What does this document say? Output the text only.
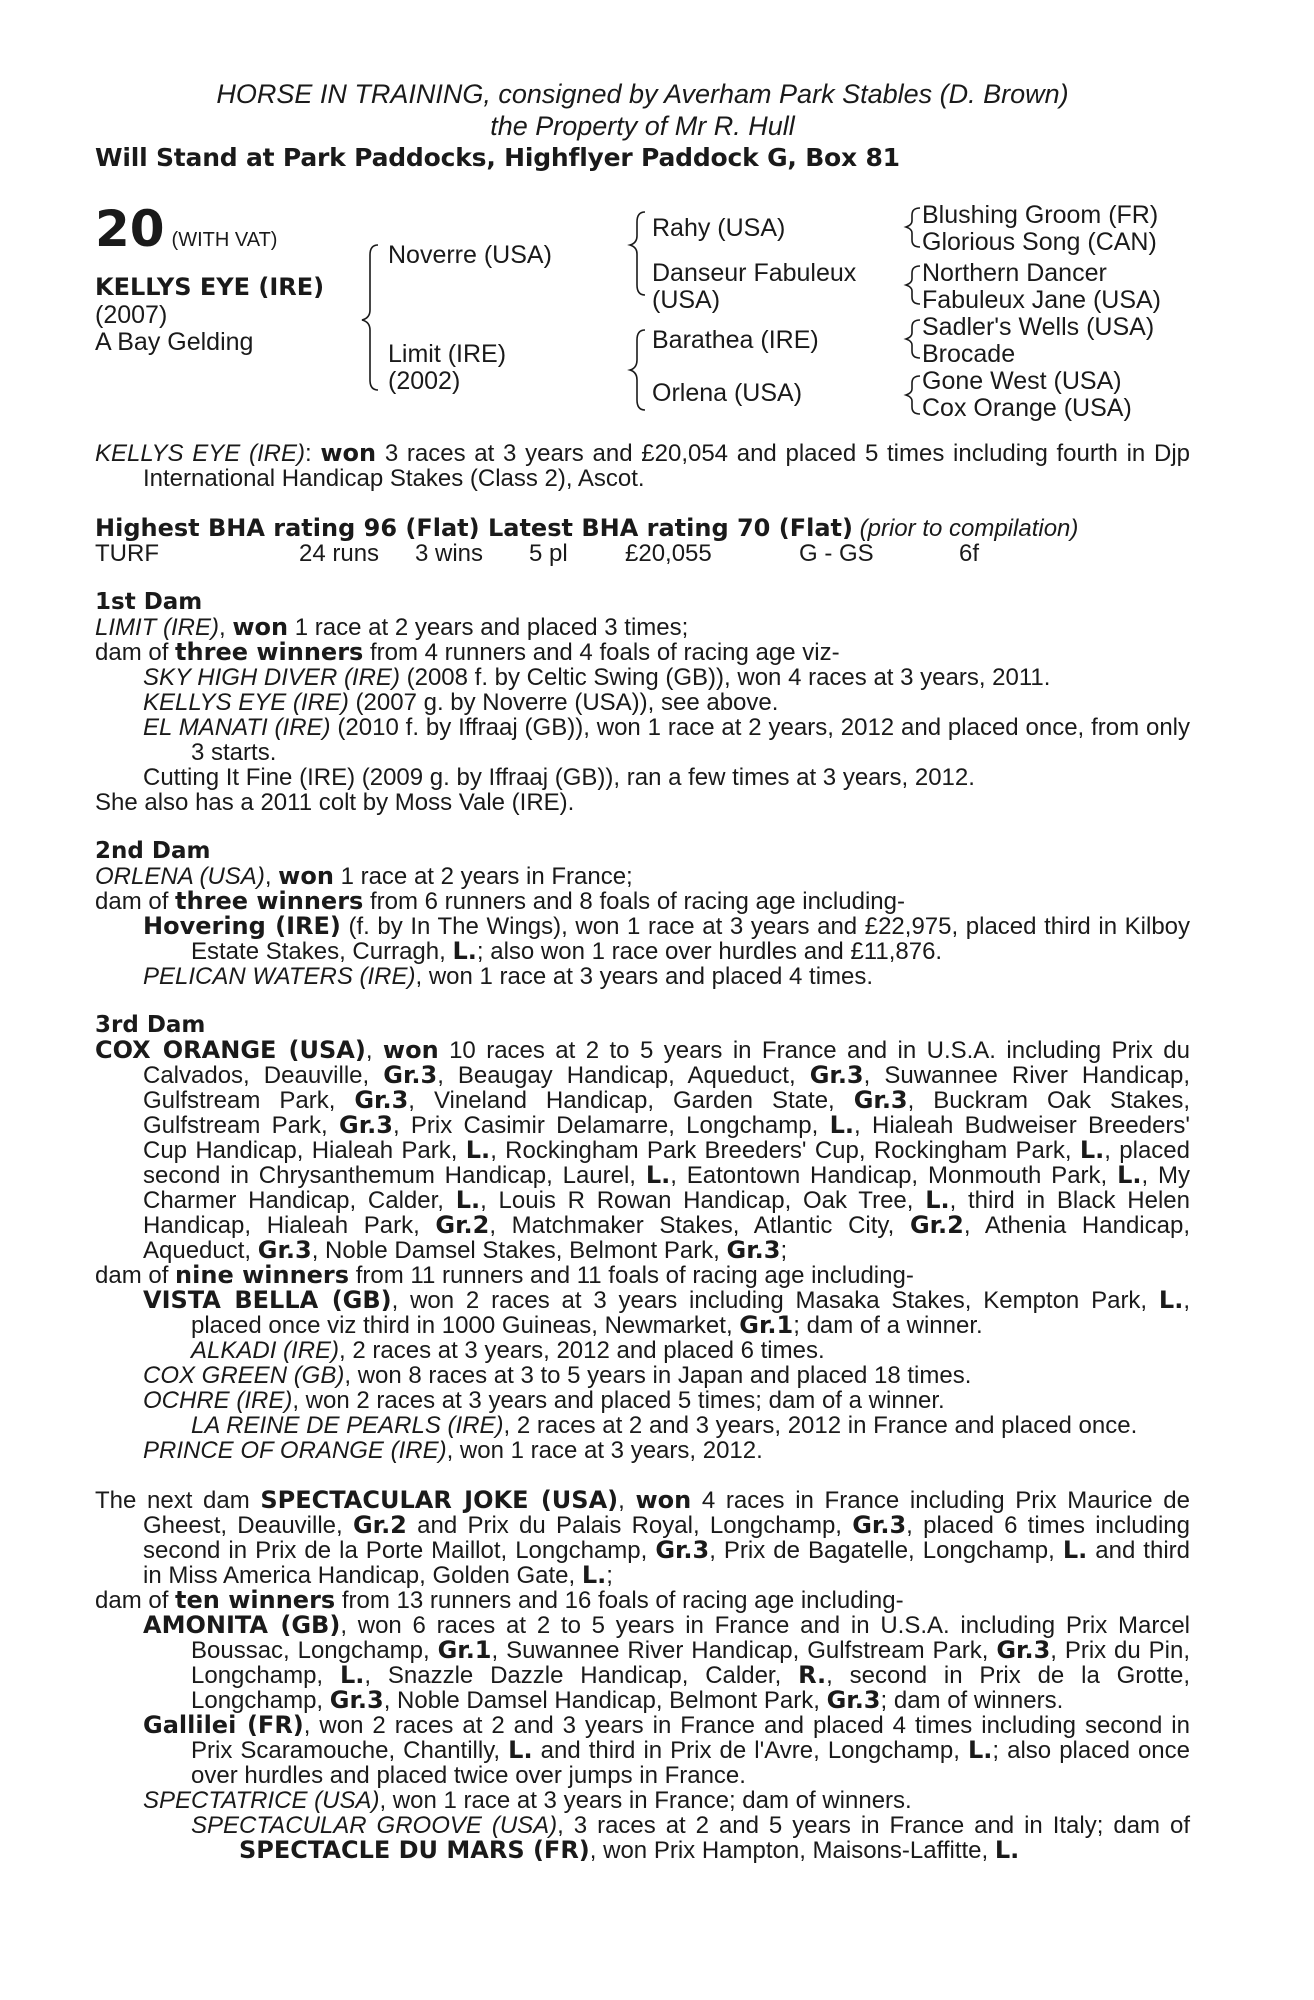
HORSE IN TRAINING, consigned by Averham Park Stables (D. Brown)
the Property of Mr R. Hull
Will Stand at Park Paddocks, Highflyer Paddock G, Box 81
20 (WITH VAT)
KELLYS EYE (IRE)
(2007)
A Bay Gelding
Noverre (USA)
Limit (IRE)
(2002)
Rahy (USA)
Danseur Fabuleux
(USA)
Barathea (IRE)
Orlena (USA)
Blushing Groom (FR)
Glorious Song (CAN)
Northern Dancer
Fabuleux Jane (USA)
Sadler's Wells (USA)
Brocade
Gone West (USA)
Cox Orange (USA)

KELLYS EYE (IRE): won 3 races at 3 years and £20,054 and placed 5 times including fourth in Djp International Handicap Stakes (Class 2), Ascot.

Highest BHA rating 96 (Flat) Latest BHA rating 70 (Flat) (prior to compilation)

TURF	24 runs	3 wins	5 pl	£20,055	G - GS	6f

1st Dam

LIMIT (IRE), won 1 race at 2 years and placed 3 times;

dam of three winners from 4 runners and 4 foals of racing age viz-

SKY HIGH DIVER (IRE) (2008 f. by Celtic Swing (GB)), won 4 races at 3 years, 2011.

KELLYS EYE (IRE) (2007 g. by Noverre (USA)), see above.

EL MANATI (IRE) (2010 f. by Iffraaj (GB)), won 1 race at 2 years, 2012 and placed once, from only 3 starts.

Cutting It Fine (IRE) (2009 g. by Iffraaj (GB)), ran a few times at 3 years, 2012.

She also has a 2011 colt by Moss Vale (IRE).

2nd Dam

ORLENA (USA), won 1 race at 2 years in France;

dam of three winners from 6 runners and 8 foals of racing age including-

Hovering (IRE) (f. by In The Wings), won 1 race at 3 years and £22,975, placed third in Kilboy Estate Stakes, Curragh, L.; also won 1 race over hurdles and £11,876.

PELICAN WATERS (IRE), won 1 race at 3 years and placed 4 times.

3rd Dam

COX ORANGE (USA), won 10 races at 2 to 5 years in France and in U.S.A. including Prix du Calvados, Deauville, Gr.3, Beaugay Handicap, Aqueduct, Gr.3, Suwannee River Handicap, Gulfstream Park, Gr.3, Vineland Handicap, Garden State, Gr.3, Buckram Oak Stakes, Gulfstream Park, Gr.3, Prix Casimir Delamarre, Longchamp, L., Hialeah Budweiser Breeders' Cup Handicap, Hialeah Park, L., Rockingham Park Breeders' Cup, Rockingham Park, L., placed second in Chrysanthemum Handicap, Laurel, L., Eatontown Handicap, Monmouth Park, L., My Charmer Handicap, Calder, L., Louis R Rowan Handicap, Oak Tree, L., third in Black Helen Handicap, Hialeah Park, Gr.2, Matchmaker Stakes, Atlantic City, Gr.2, Athenia Handicap, Aqueduct, Gr.3, Noble Damsel Stakes, Belmont Park, Gr.3;

dam of nine winners from 11 runners and 11 foals of racing age including-

VISTA BELLA (GB), won 2 races at 3 years including Masaka Stakes, Kempton Park, L., placed once viz third in 1000 Guineas, Newmarket, Gr.1; dam of a winner.

ALKADI (IRE), 2 races at 3 years, 2012 and placed 6 times.

COX GREEN (GB), won 8 races at 3 to 5 years in Japan and placed 18 times.

OCHRE (IRE), won 2 races at 3 years and placed 5 times; dam of a winner.

LA REINE DE PEARLS (IRE), 2 races at 2 and 3 years, 2012 in France and placed once.

PRINCE OF ORANGE (IRE), won 1 race at 3 years, 2012.

The next dam SPECTACULAR JOKE (USA), won 4 races in France including Prix Maurice de Gheest, Deauville, Gr.2 and Prix du Palais Royal, Longchamp, Gr.3, placed 6 times including second in Prix de la Porte Maillot, Longchamp, Gr.3, Prix de Bagatelle, Longchamp, L. and third in Miss America Handicap, Golden Gate, L.;

dam of ten winners from 13 runners and 16 foals of racing age including-

AMONITA (GB), won 6 races at 2 to 5 years in France and in U.S.A. including Prix Marcel Boussac, Longchamp, Gr.1, Suwannee River Handicap, Gulfstream Park, Gr.3, Prix du Pin, Longchamp, L., Snazzle Dazzle Handicap, Calder, R., second in Prix de la Grotte, Longchamp, Gr.3, Noble Damsel Handicap, Belmont Park, Gr.3; dam of winners.

Gallilei (FR), won 2 races at 2 and 3 years in France and placed 4 times including second in Prix Scaramouche, Chantilly, L. and third in Prix de l'Avre, Longchamp, L.; also placed once over hurdles and placed twice over jumps in France.

SPECTATRICE (USA), won 1 race at 3 years in France; dam of winners.

SPECTACULAR GROOVE (USA), 3 races at 2 and 5 years in France and in Italy; dam of SPECTACLE DU MARS (FR), won Prix Hampton, Maisons-Laffitte, L.
